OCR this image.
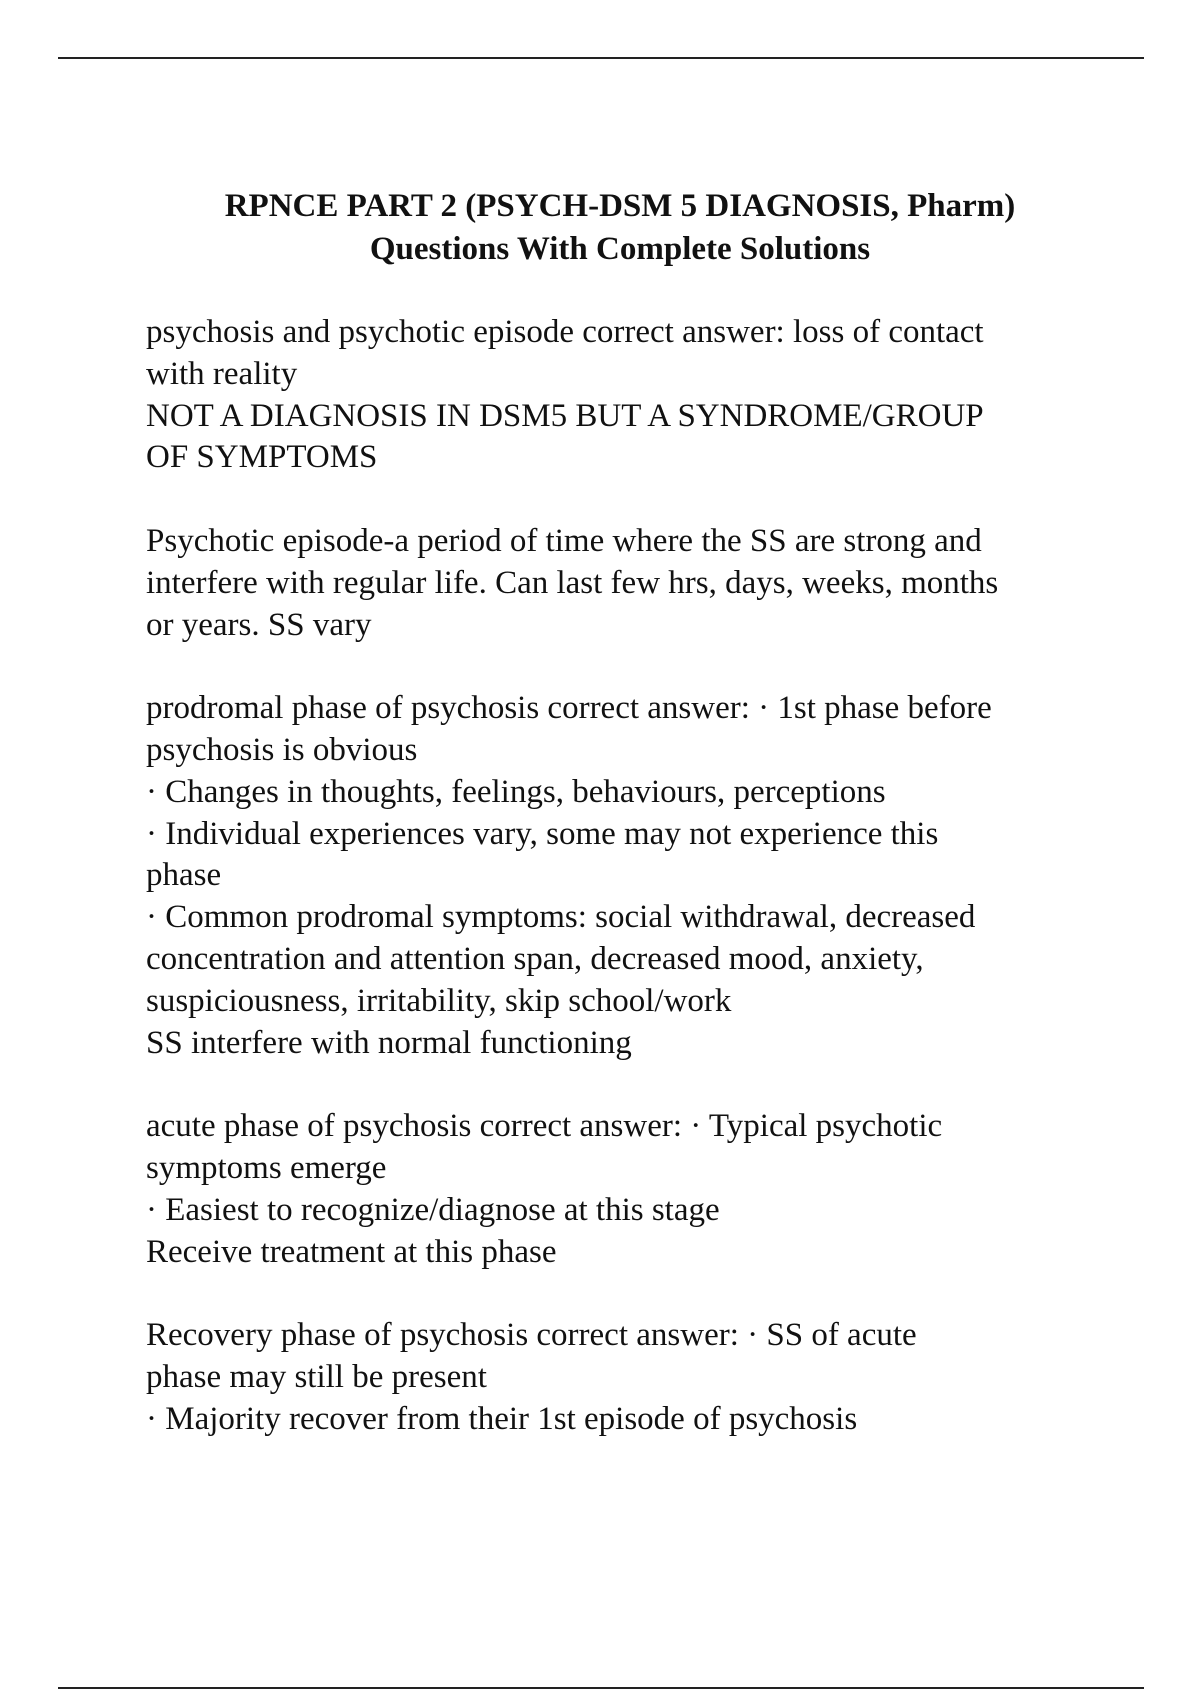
RPNCE PART 2 (PSYCH-DSM 5 DIAGNOSIS, Pharm)
Questions With Complete Solutions
psychosis and psychotic episode correct answer: loss of contact
with reality
NOT A DIAGNOSIS IN DSM5 BUT A SYNDROME/GROUP
OF SYMPTOMS
Psychotic episode-a period of time where the SS are strong and
interfere with regular life. Can last few hrs, days, weeks, months
or years. SS vary
prodromal phase of psychosis correct answer: · 1st phase before
psychosis is obvious
· Changes in thoughts, feelings, behaviours, perceptions
· Individual experiences vary, some may not experience this
phase
· Common prodromal symptoms: social withdrawal, decreased
concentration and attention span, decreased mood, anxiety,
suspiciousness, irritability, skip school/work
SS interfere with normal functioning
acute phase of psychosis correct answer: · Typical psychotic
symptoms emerge
· Easiest to recognize/diagnose at this stage
Receive treatment at this phase
Recovery phase of psychosis correct answer: · SS of acute
phase may still be present
· Majority recover from their 1st episode of psychosis
